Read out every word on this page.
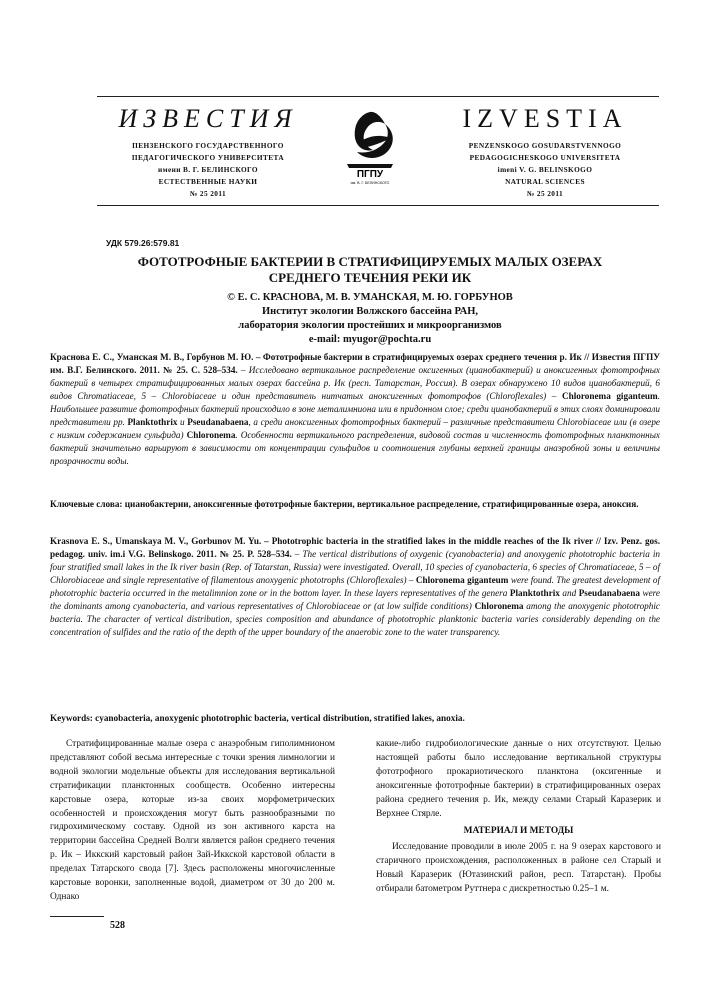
ИЗВЕСТИЯ
ПЕНЗЕНСКОГО ГОСУДАРСТВЕННОГО
ПЕДАГОГИЧЕСКОГО УНИВЕРСИТЕТА
имени В. Г. БЕЛИНСКОГО
ЕСТЕСТВЕННЫЕ НАУКИ
№ 25 2011
ПГПУ
им. В. Г. БЕЛИНСКОГО
IZVESTIA
PENZENSKOGO GOSUDARSTVENNOGO
PEDAGOGICHESKOGO UNIVERSITETA
imeni V. G. BELINSKOGO
NATURAL SCIENCES
№ 25 2011
УДК 579.26:579.81
ФОТОТРОФНЫЕ БАКТЕРИИ В СТРАТИФИЦИРУЕМЫХ МАЛЫХ ОЗЕРАХ
СРЕДНЕГО ТЕЧЕНИЯ РЕКИ ИК
© Е. С. КРАСНОВА, М. В. УМАНСКАЯ, М. Ю. ГОРБУНОВ
Институт экологии Волжского бассейна РАН,
лаборатория экологии простейших и микроорганизмов
e-mail: myugor@pochta.ru
Краснова Е. С., Уманская М. В., Горбунов М. Ю. – Фототрофные бактерии в стратифицируемых озерах среднего течения р. Ик // Известия ПГПУ им. В.Г. Белинского. 2011. № 25. С. 528–534. – Исследовано вертикальное распределение оксигенных (цианобактерий) и аноксигенных фототрофных бактерий в четырех стратифицированных малых озерах бассейна р. Ик (респ. Татарстан, Россия). В озерах обнаружено 10 видов цианобактерий, 6 видов Chromatiaceae, 5 – Chlorobiaceae и один представитель нитчатых аноксигенных фототрофов (Chloroflexales) – Chloronema giganteum. Наибольшее развитие фототрофных бактерий происходило в зоне металимниона или в придонном слое; среди цианобактерий в этих слоях доминировали представители рр. Planktothrix и Pseudanabaena, а среди аноксигенных фототрофных бактерий – различные представители Chlorobiaceae или (в озере с низким содержанием сульфида) Chloronema. Особенности вертикального распределения, видовой состав и численность фототрофных планктонных бактерий значительно варьируют в зависимости от концентрации сульфидов и соотношения глубины верхней границы анаэробной зоны и величины прозрачности воды.
Ключевые слова: цианобактерии, аноксигенные фототрофные бактерии, вертикальное распределение, стратифицированные озера, аноксия.
Krasnova E. S., Umanskaya M. V., Gorbunov M. Yu. – Phototrophic bacteria in the stratified lakes in the middle reaches of the Ik river // Izv. Penz. gos. pedagog. univ. im.i V.G. Belinskogo. 2011. № 25. P. 528–534. – The vertical distributions of oxygenic (cyanobacteria) and anoxygenic phototrophic bacteria in four stratified small lakes in the Ik river basin (Rep. of Tatarstan, Russia) were investigated. Overall, 10 species of cyanobacteria, 6 species of Chromatiaceae, 5 – of Chlorobiaceae and single representative of filamentous anoxygenic phototrophs (Chloroflexales) – Chloronema giganteum were found. The greatest development of phototrophic bacteria occurred in the metalimnion zone or in the bottom layer. In these layers representatives of the genera Planktothrix and Pseudanabaena were the dominants among cyanobacteria, and various representatives of Chlorobiaceae or (at low sulfide conditions) Chloronema among the anoxygenic phototrophic bacteria. The character of vertical distribution, species composition and abundance of phototrophic planktonic bacteria varies considerably depending on the concentration of sulfides and the ratio of the depth of the upper boundary of the anaerobic zone to the water transparency.
Keywords: cyanobacteria, anoxygenic phototrophic bacteria, vertical distribution, stratified lakes, anoxia.

Стратифицированные малые озера с анаэробным гиполимнионом представляют собой весьма интересные с точки зрения лимнологии и водной экологии модельные объекты для исследования вертикальной стратификации планктонных сообществ. Особенно интересны карстовые озера, которые из-за своих морфометрических особенностей и происхождения могут быть разнообразными по гидрохимическому составу. Одной из зон активного карста на территории бассейна Средней Волги является район среднего течения р. Ик – Иккский карстовый район Зай-Иккской карстовой области в пределах Татарского свода [7]. Здесь расположены многочисленные карстовые воронки, заполненные водой, диаметром от 30 до 200 м. Однако

какие-либо гидробиологические данные о них отсутствуют. Целью настоящей работы было исследование вертикальной структуры фототрофного прокариотического планктона (оксигенные и аноксигенные фототрофные бактерии) в стратифицированных озерах района среднего течения р. Ик, между селами Старый Каразерик и Верхнее Стярле.

МАТЕРИАЛ И МЕТОДЫ

Исследование проводили в июле 2005 г. на 9 озерах карстового и старичного происхождения, расположенных в районе сел Старый и Новый Каразерик (Ютазинский район, респ. Татарстан). Пробы отбирали батометром Руттнера с дискретностью 0.25–1 м.

528
